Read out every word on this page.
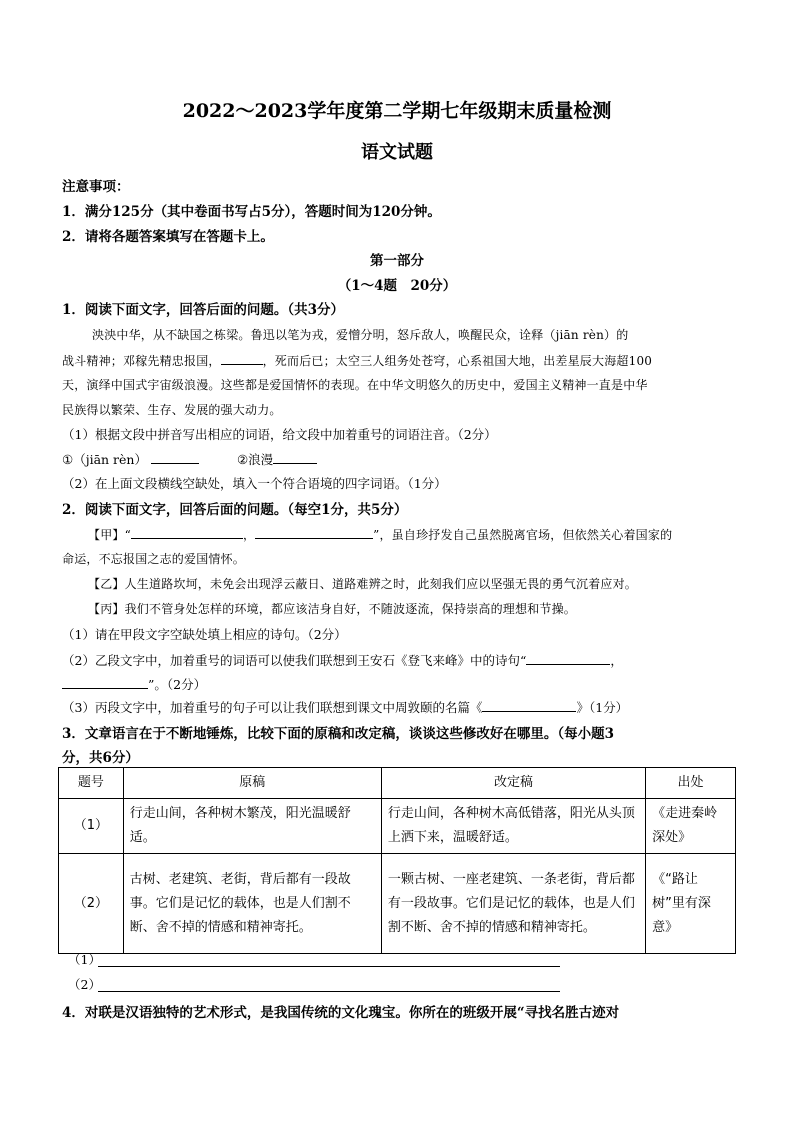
2022～2023学年度第二学期七年级期末质量检测
语文试题
注意事项：
1．满分125分（其中卷面书写占5分），答题时间为120分钟。
2．请将各题答案填写在答题卡上。
第一部分
（1～4题　20分）
1．阅读下面文字，回答后面的问题。（共3分）
泱泱中华，从不缺国之栋梁。鲁迅以笔为戎，爱憎分明，怒斥敌人，唤醒民众，诠释（jiān rèn）的
战斗精神；邓稼先精忠报国，	，死而后已；太空三人组务处苍穹，心系祖国大地，出差星辰大海超100
天，演绎中国式宇宙级浪漫。这些都是爱国情怀的表现。在中华文明悠久的历史中，爱国主义精神一直是中华
民族得以繁荣、生存、发展的强大动力。
（1）根据文段中拼音写出相应的词语，给文段中加着重号的词语注音。（2分）
①（jiān rèn）	②浪漫
（2）在上面文段横线空缺处，填入一个符合语境的四字词语。（1分）
2．阅读下面文字，回答后面的问题。（每空1分，共5分）
【甲】“	，	”，虽自珍抒发自己虽然脱离官场，但依然关心着国家的
命运，不忘报国之志的爱国情怀。
【乙】人生道路坎坷，未免会出现浮云蔽日、道路难辨之时，此刻我们应以坚强无畏的勇气沉着应对。
【丙】我们不管身处怎样的环境，都应该洁身自好，不随波逐流，保持崇高的理想和节操。
（1）请在甲段文字空缺处填上相应的诗句。（2分）
（2）乙段文字中，加着重号的词语可以使我们联想到王安石《登飞来峰》中的诗句“	，
”。（2分）
（3）丙段文字中，加着重号的句子可以让我们联想到课文中周敦颐的名篇《	》（1分）
3．文章语言在于不断地锤炼，比较下面的原稿和改定稿，谈谈这些修改好在哪里。（每小题3
分，共6分）
题号	原稿	改定稿	出处
（1）	行走山间，各种树木繁茂，阳光温暖舒适。	行走山间，各种树木高低错落，阳光从头顶上洒下来，温暖舒适。	《走进秦岭深处》
（2）	古树、老建筑、老街，背后都有一段故事。它们是记忆的载体，也是人们割不断、舍不掉的情感和精神寄托。	一颗古树、一座老建筑、一条老街，背后都有一段故事。它们是记忆的载体，也是人们割不断、舍不掉的情感和精神寄托。	《“路让树”里有深意》
（1）
（2）
4．对联是汉语独特的艺术形式，是我国传统的文化瑰宝。你所在的班级开展“寻找名胜古迹对
